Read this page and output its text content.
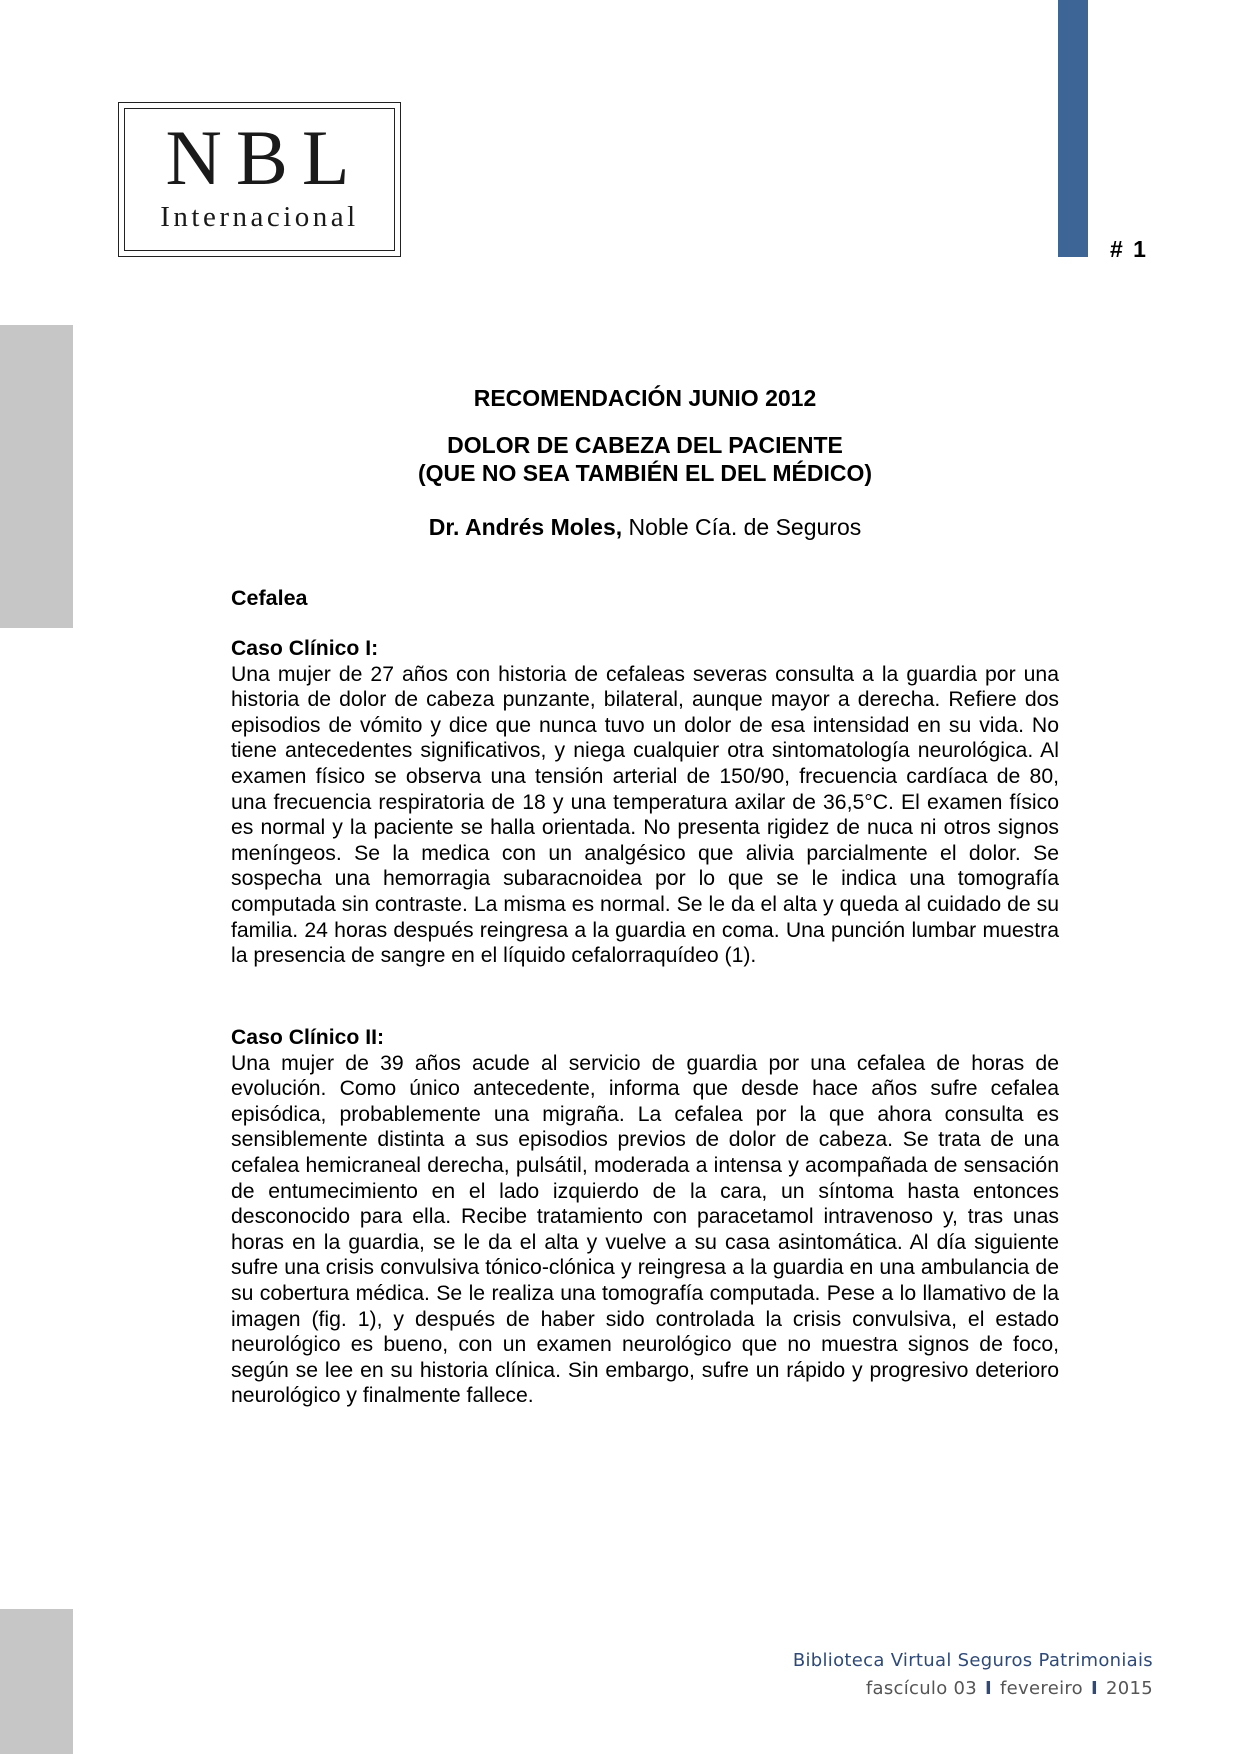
# 1
NBL
Internacional
RECOMENDACIÓN JUNIO 2012
DOLOR DE CABEZA DEL PACIENTE
(QUE NO SEA TAMBIÉN EL DEL MÉDICO)
Dr. Andrés Moles, Noble Cía. de Seguros
Cefalea
Caso Clínico I:
Una mujer de 27 años con historia de cefaleas severas consulta a la guardia por una historia de dolor de cabeza punzante, bilateral, aunque mayor a derecha. Refiere dos episodios de vómito y dice que nunca tuvo un dolor de esa intensidad en su vida. No tiene antecedentes significativos, y niega cualquier otra sintomatología neurológica. Al examen físico se observa una tensión arterial de 150/90, frecuencia cardíaca de 80, una frecuencia respiratoria de 18 y una temperatura axilar de 36,5°C. El examen físico es normal y la paciente se halla orientada. No presenta rigidez de nuca ni otros signos meníngeos. Se la medica con un analgésico que alivia parcialmente el dolor. Se sospecha una hemorragia subaracnoidea por lo que se le indica una tomografía computada sin contraste. La misma es normal. Se le da el alta y queda al cuidado de su familia. 24 horas después reingresa a la guardia en coma. Una punción lumbar muestra la presencia de sangre en el líquido cefalorraquídeo (1).
Caso Clínico II:
Una mujer de 39 años acude al servicio de guardia por una cefalea de horas de evolución. Como único antecedente, informa que desde hace años sufre cefalea episódica, probablemente una migraña. La cefalea por la que ahora consulta es sensiblemente distinta a sus episodios previos de dolor de cabeza. Se trata de una cefalea hemicraneal derecha, pulsátil, moderada a intensa y acompañada de sensación de entumecimiento en el lado izquierdo de la cara, un síntoma hasta entonces desconocido para ella. Recibe tratamiento con paracetamol intravenoso y, tras unas horas en la guardia, se le da el alta y vuelve a su casa asintomática. Al día siguiente sufre una crisis convulsiva tónico-clónica y reingresa a la guardia en una ambulancia de su cobertura médica. Se le realiza una tomografía computada. Pese a lo llamativo de la imagen (fig. 1), y después de haber sido controlada la crisis convulsiva, el estado neurológico es bueno, con un examen neurológico que no muestra signos de foco, según se lee en su historia clínica. Sin embargo, sufre un rápido y progresivo deterioro neurológico y finalmente fallece.
Biblioteca Virtual Seguros Patrimoniais
fascículo 03 I fevereiro I 2015
